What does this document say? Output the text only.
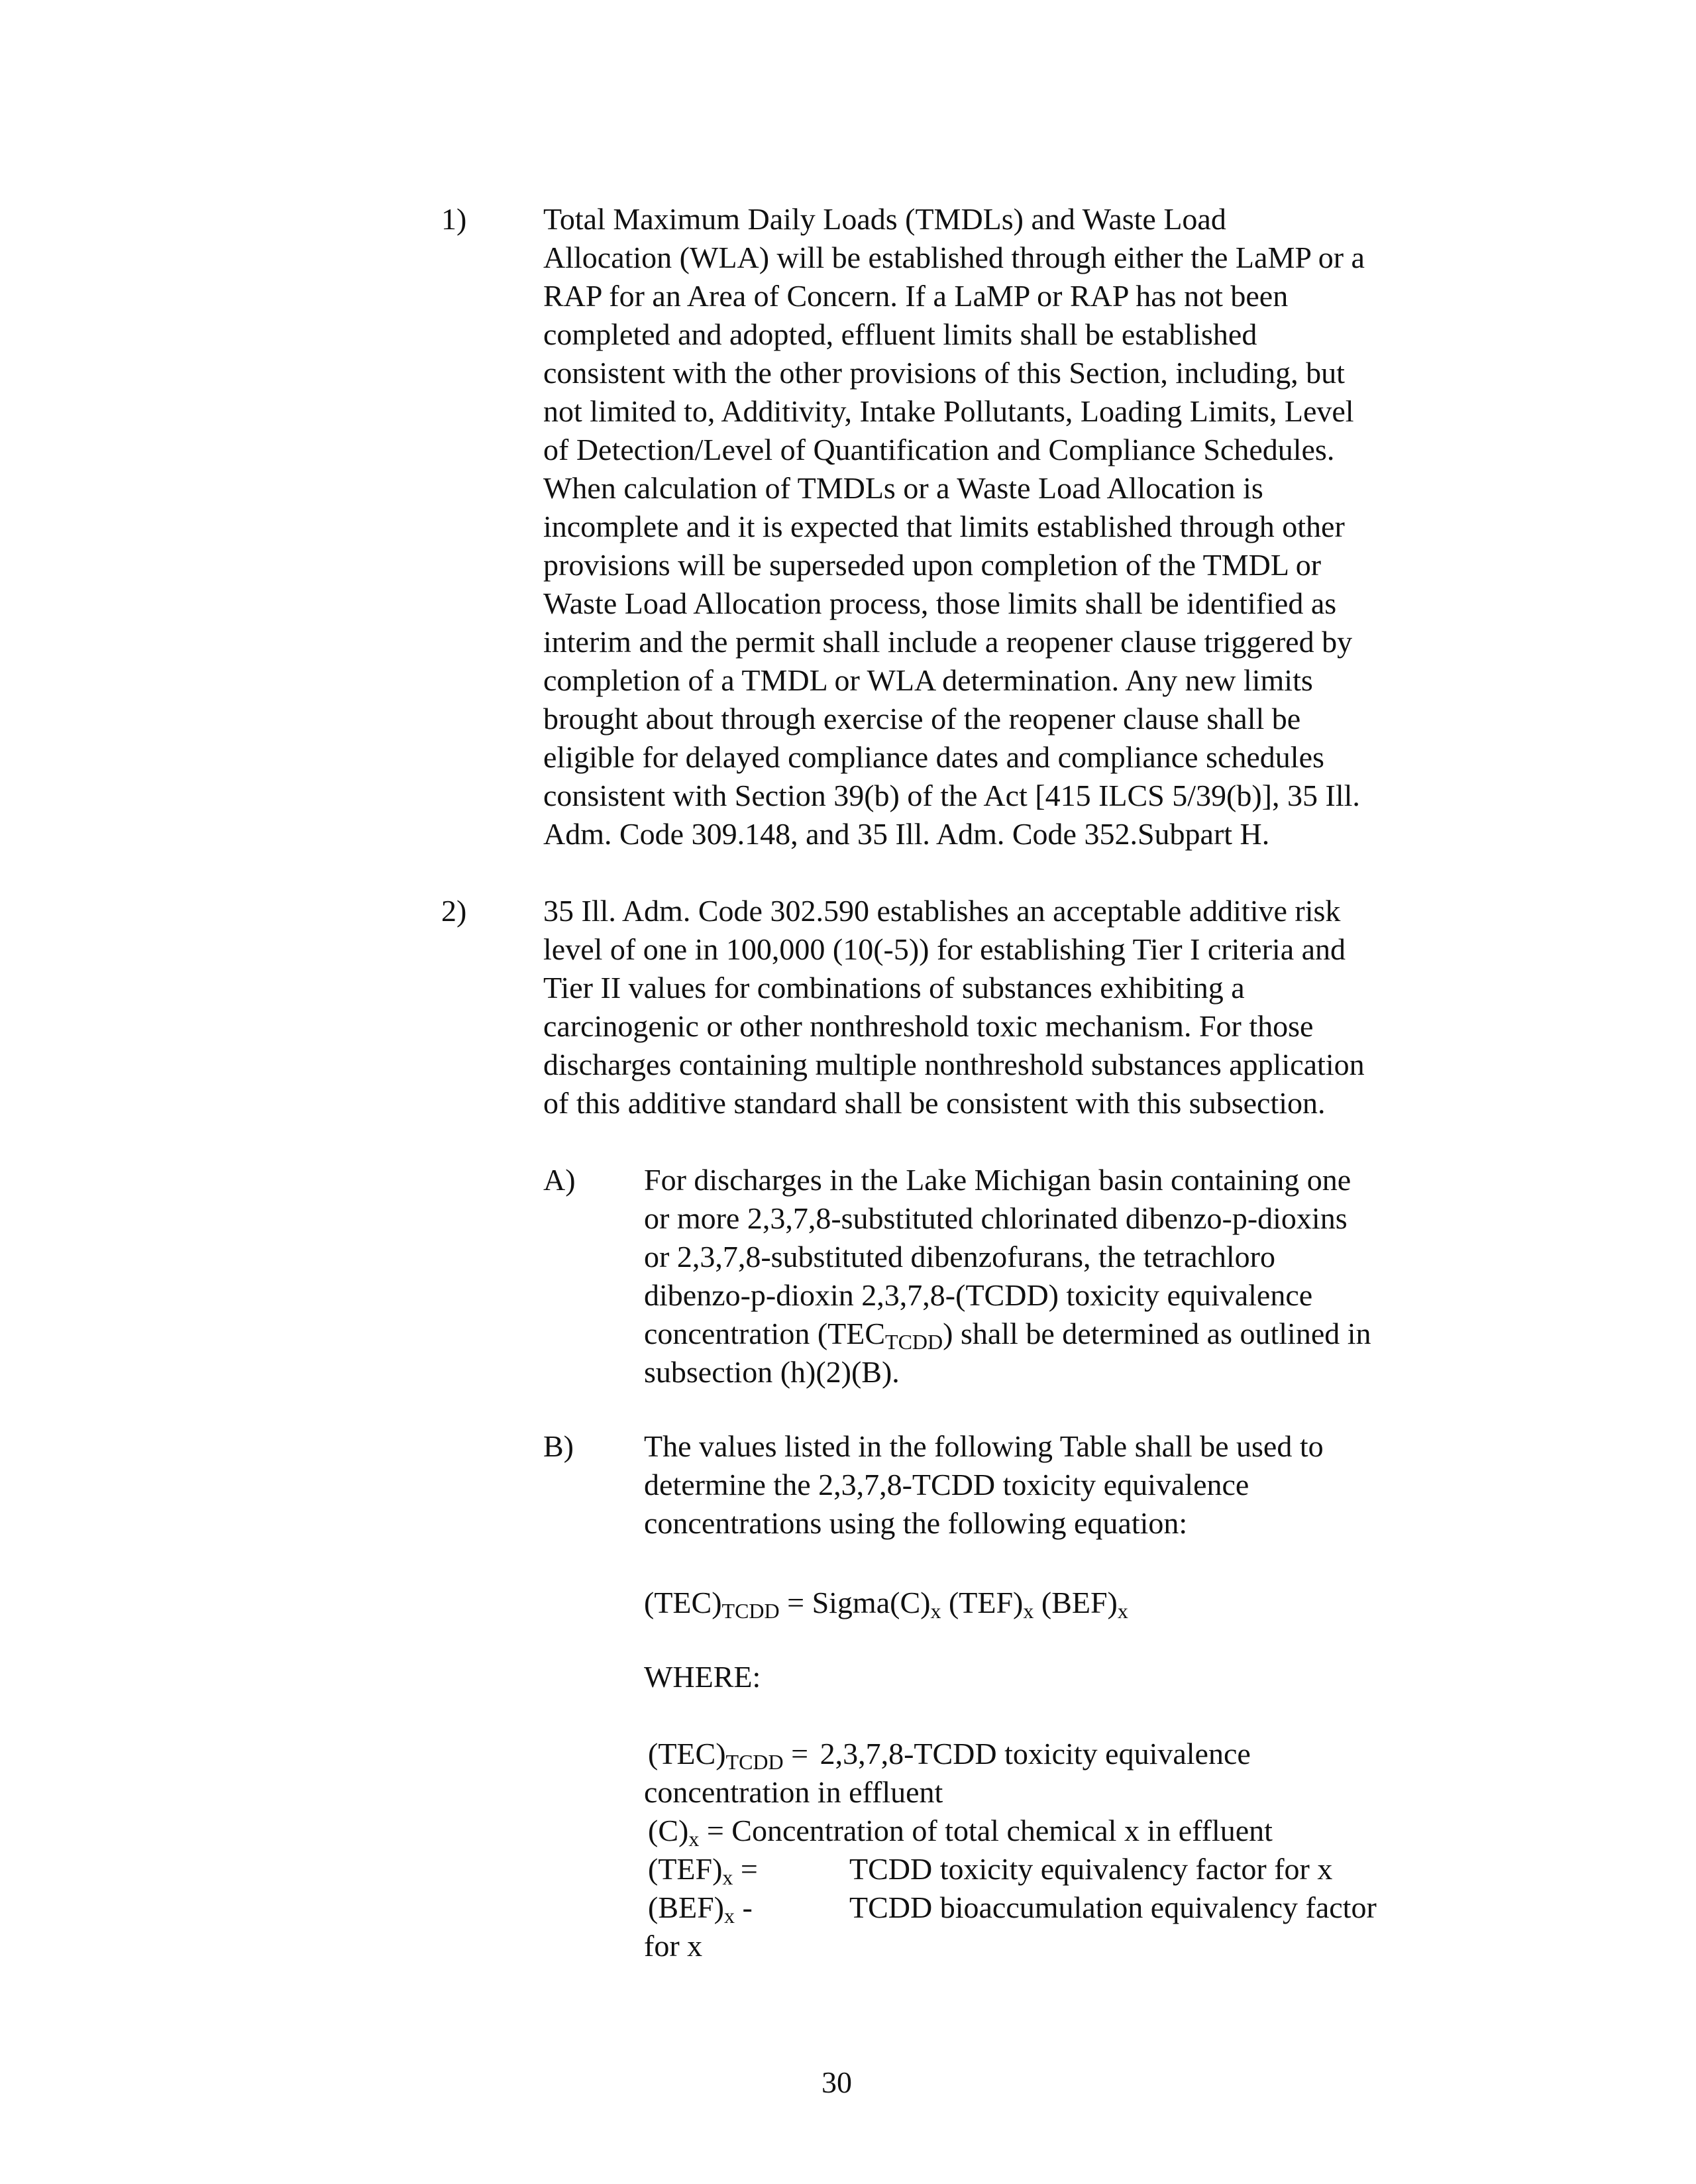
1)	Total Maximum Daily Loads (TMDLs) and Waste Load
Allocation (WLA) will be established through either the LaMP or a
RAP for an Area of Concern. If a LaMP or RAP has not been
completed and adopted, effluent limits shall be established
consistent with the other provisions of this Section, including, but
not limited to, Additivity, Intake Pollutants, Loading Limits, Level
of Detection/Level of Quantification and Compliance Schedules.
When calculation of TMDLs or a Waste Load Allocation is
incomplete and it is expected that limits established through other
provisions will be superseded upon completion of the TMDL or
Waste Load Allocation process, those limits shall be identified as
interim and the permit shall include a reopener clause triggered by
completion of a TMDL or WLA determination. Any new limits
brought about through exercise of the reopener clause shall be
eligible for delayed compliance dates and compliance schedules
consistent with Section 39(b) of the Act [415 ILCS 5/39(b)], 35 Ill.
Adm. Code 309.148, and 35 Ill. Adm. Code 352.Subpart H.
2)	35 Ill. Adm. Code 302.590 establishes an acceptable additive risk
level of one in 100,000 (10(-5)) for establishing Tier I criteria and
Tier II values for combinations of substances exhibiting a
carcinogenic or other nonthreshold toxic mechanism. For those
discharges containing multiple nonthreshold substances application
of this additive standard shall be consistent with this subsection.
A) For discharges in the Lake Michigan basin containing one
or more 2,3,7,8-substituted chlorinated dibenzo-p-dioxins
or 2,3,7,8-substituted dibenzofurans, the tetrachloro
dibenzo-p-dioxin 2,3,7,8-(TCDD) toxicity equivalence
concentration $(TEC_{TCDD})$ shall be determined as outlined in
subsection (h)(2)(B).
B) The values listed in the following Table shall be used to
determine the 2,3,7,8-TCDD toxicity equivalence
concentrations using the following equation:
$(TEC)_{TCDD}$ = $Sigma(C)_x$ $(TEF)_x$ $(BEF)_x$
WHERE:
$(TEC)_{TCDD}$ = 2,3,7,8-TCDD toxicity equivalence
concentration in effluent
$(C)_x$ = Concentration of total chemical x in effluent
$(TEF)_x$ =	TCDD toxicity equivalency factor for x
$(BEF)_x$ -	TCDD bioaccumulation equivalency factor
for x
30
